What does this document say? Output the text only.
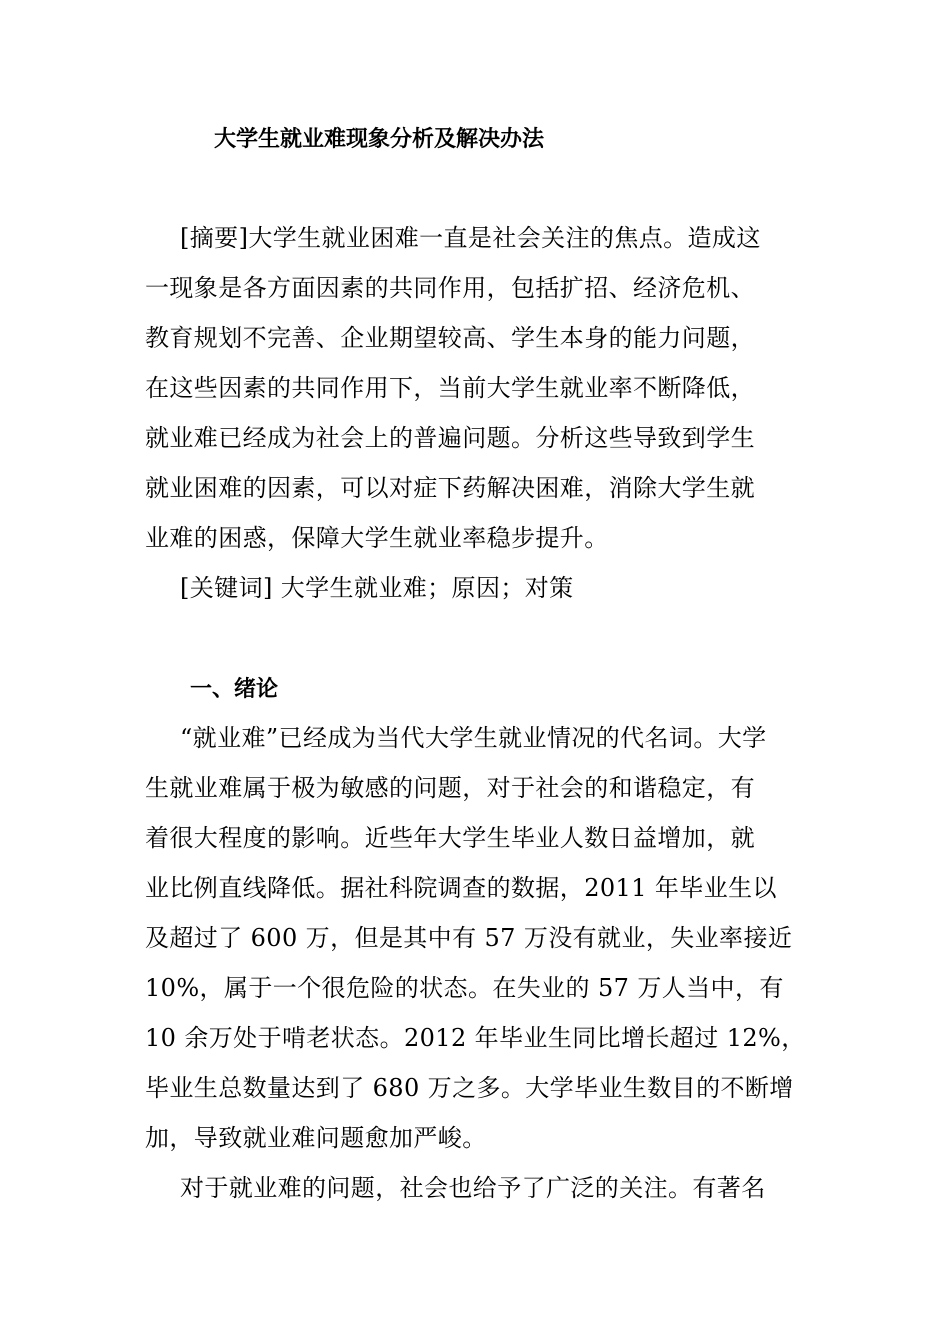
大学生就业难现象分析及解决办法
[摘要]大学生就业困难一直是社会关注的焦点。造成这
一现象是各方面因素的共同作用，包括扩招、经济危机、
教育规划不完善、企业期望较高、学生本身的能力问题，
在这些因素的共同作用下，当前大学生就业率不断降低，
就业难已经成为社会上的普遍问题。分析这些导致到学生
就业困难的因素，可以对症下药解决困难，消除大学生就
业难的困惑，保障大学生就业率稳步提升。
[关键词] 大学生就业难；原因；对策
一、绪论
“就业难”已经成为当代大学生就业情况的代名词。大学
生就业难属于极为敏感的问题，对于社会的和谐稳定，有
着很大程度的影响。近些年大学生毕业人数日益增加，就
业比例直线降低。据社科院调查的数据，2011 年毕业生以
及超过了 600 万，但是其中有 57 万没有就业，失业率接近
10%，属于一个很危险的状态。在失业的 57 万人当中，有
10 余万处于啃老状态。2012 年毕业生同比增长超过 12%，
毕业生总数量达到了 680 万之多。大学毕业生数目的不断增
加，导致就业难问题愈加严峻。
对于就业难的问题，社会也给予了广泛的关注。有著名
